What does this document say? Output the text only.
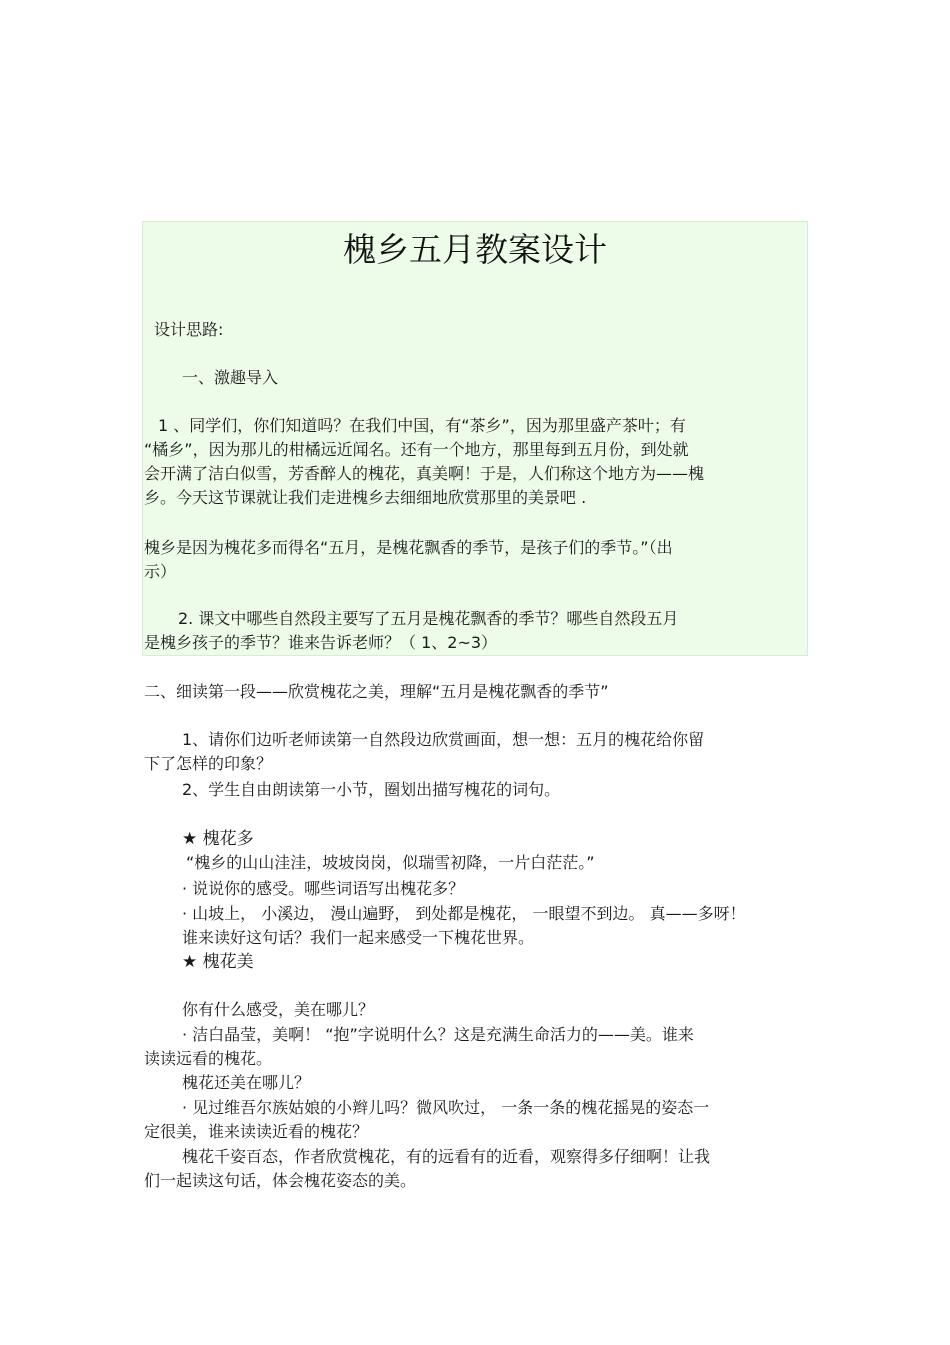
槐乡五月教案设计
设计思路:
一、激趣导入
1 、同学们，你们知道吗？在我们中国，有“茶乡”，因为那里盛产茶叶；有
“橘乡”，因为那儿的柑橘远近闻名。还有一个地方，那里每到五月份，到处就
会开满了洁白似雪，芳香醉人的槐花，真美啊！于是，人们称这个地方为——槐
乡。今天这节课就让我们走进槐乡去细细地欣赏那里的美景吧 .
槐乡是因为槐花多而得名“五月，是槐花飘香的季节，是孩子们的季节。”（出
示）
2. 课文中哪些自然段主要写了五月是槐花飘香的季节？哪些自然段五月
是槐乡孩子的季节？谁来告诉老师？（ 1、2~3）
二、细读第一段——欣赏槐花之美，理解“五月是槐花飘香的季节”
1、请你们边听老师读第一自然段边欣赏画面，想一想：五月的槐花给你留
下了怎样的印象？
2、学生自由朗读第一小节，圈划出描写槐花的词句。
★ 槐花多
“槐乡的山山洼洼，坡坡岗岗，似瑞雪初降，一片白茫茫。”
· 说说你的感受。哪些词语写出槐花多？
· 山坡上， 小溪边， 漫山遍野， 到处都是槐花， 一眼望不到边。 真——多呀！
谁来读好这句话？我们一起来感受一下槐花世界。
★ 槐花美
你有什么感受，美在哪儿？
· 洁白晶莹，美啊！ “抱”字说明什么？这是充满生命活力的——美。谁来
读读远看的槐花。
槐花还美在哪儿？
· 见过维吾尔族姑娘的小辫儿吗？微风吹过， 一条一条的槐花摇晃的姿态一
定很美，谁来读读近看的槐花？
槐花千姿百态，作者欣赏槐花，有的远看有的近看，观察得多仔细啊！让我
们一起读这句话，体会槐花姿态的美。
